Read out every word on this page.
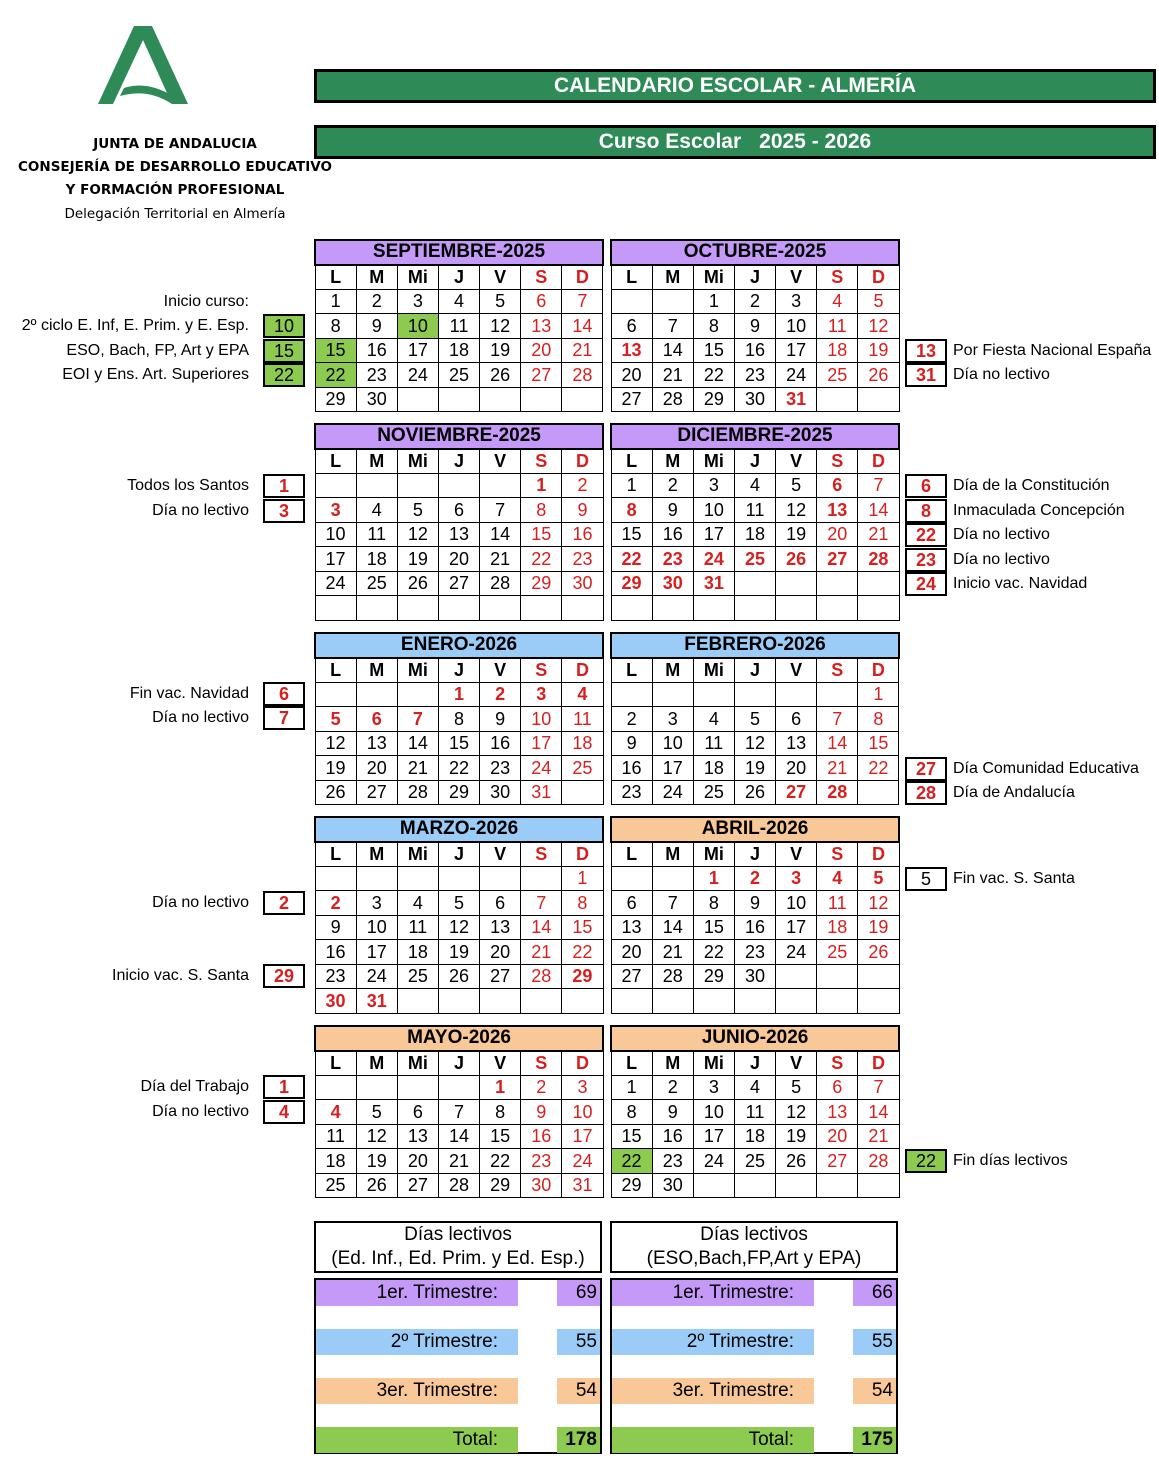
JUNTA DE ANDALUCIA
CONSEJERÍA DE DESARROLLO EDUCATIVO
Y FORMACIÓN PROFESIONAL
Delegación Territorial en Almería
CALENDARIO ESCOLAR - ALMERÍA
Curso Escolar 2025 - 2026
SEPTIEMBRE-2025						
L	M	Mi	J	V	S	D
1	2	3	4	5	6	7
8	9	10	11	12	13	14
15	16	17	18	19	20	21
22	23	24	25	26	27	28
29	30					
OCTUBRE-2025						
L	M	Mi	J	V	S	D
		1	2	3	4	5
6	7	8	9	10	11	12
13	14	15	16	17	18	19
20	21	22	23	24	25	26
27	28	29	30	31		
NOVIEMBRE-2025						
L	M	Mi	J	V	S	D
					1	2
3	4	5	6	7	8	9
10	11	12	13	14	15	16
17	18	19	20	21	22	23
24	25	26	27	28	29	30

DICIEMBRE-2025						
L	M	Mi	J	V	S	D
1	2	3	4	5	6	7
8	9	10	11	12	13	14
15	16	17	18	19	20	21
22	23	24	25	26	27	28
29	30	31				

ENERO-2026						
L	M	Mi	J	V	S	D
			1	2	3	4
5	6	7	8	9	10	11
12	13	14	15	16	17	18
19	20	21	22	23	24	25
26	27	28	29	30	31	
FEBRERO-2026						
L	M	Mi	J	V	S	D
						1
2	3	4	5	6	7	8
9	10	11	12	13	14	15
16	17	18	19	20	21	22
23	24	25	26	27	28	
MARZO-2026						
L	M	Mi	J	V	S	D
						1
2	3	4	5	6	7	8
9	10	11	12	13	14	15
16	17	18	19	20	21	22
23	24	25	26	27	28	29
30	31					
ABRIL-2026						
L	M	Mi	J	V	S	D
		1	2	3	4	5
6	7	8	9	10	11	12
13	14	15	16	17	18	19
20	21	22	23	24	25	26
27	28	29	30			

MAYO-2026						
L	M	Mi	J	V	S	D
				1	2	3
4	5	6	7	8	9	10
11	12	13	14	15	16	17
18	19	20	21	22	23	24
25	26	27	28	29	30	31
JUNIO-2026						
L	M	Mi	J	V	S	D
1	2	3	4	5	6	7
8	9	10	11	12	13	14
15	16	17	18	19	20	21
22	23	24	25	26	27	28
29	30					
Inicio curso:
2º ciclo E. Inf, E. Prim. y E. Esp.	10
ESO, Bach, FP, Art y EPA	15
EOI y Ens. Art. Superiores	22
Todos los Santos	1
Día no lectivo	3
Fin vac. Navidad	6
Día no lectivo	7
Día no lectivo	2
Inicio vac. S. Santa	29
Día del Trabajo	1
Día no lectivo	4
13	Por Fiesta Nacional España
31	Día no lectivo
6	Día de la Constitución
8	Inmaculada Concepción
22	Día no lectivo
23	Día no lectivo
24	Inicio vac. Navidad
27	Día Comunidad Educativa
28	Día de Andalucía
5	Fin vac. S. Santa
22	Fin días lectivos
Días lectivos
(Ed. Inf., Ed. Prim. y Ed. Esp.)
1er. Trimestre:	69
2º Trimestre:	55
3er. Trimestre:	54
Total:	178
Días lectivos
(ESO,Bach,FP,Art y EPA)
1er. Trimestre:	66
2º Trimestre:	55
3er. Trimestre:	54
Total:	175
